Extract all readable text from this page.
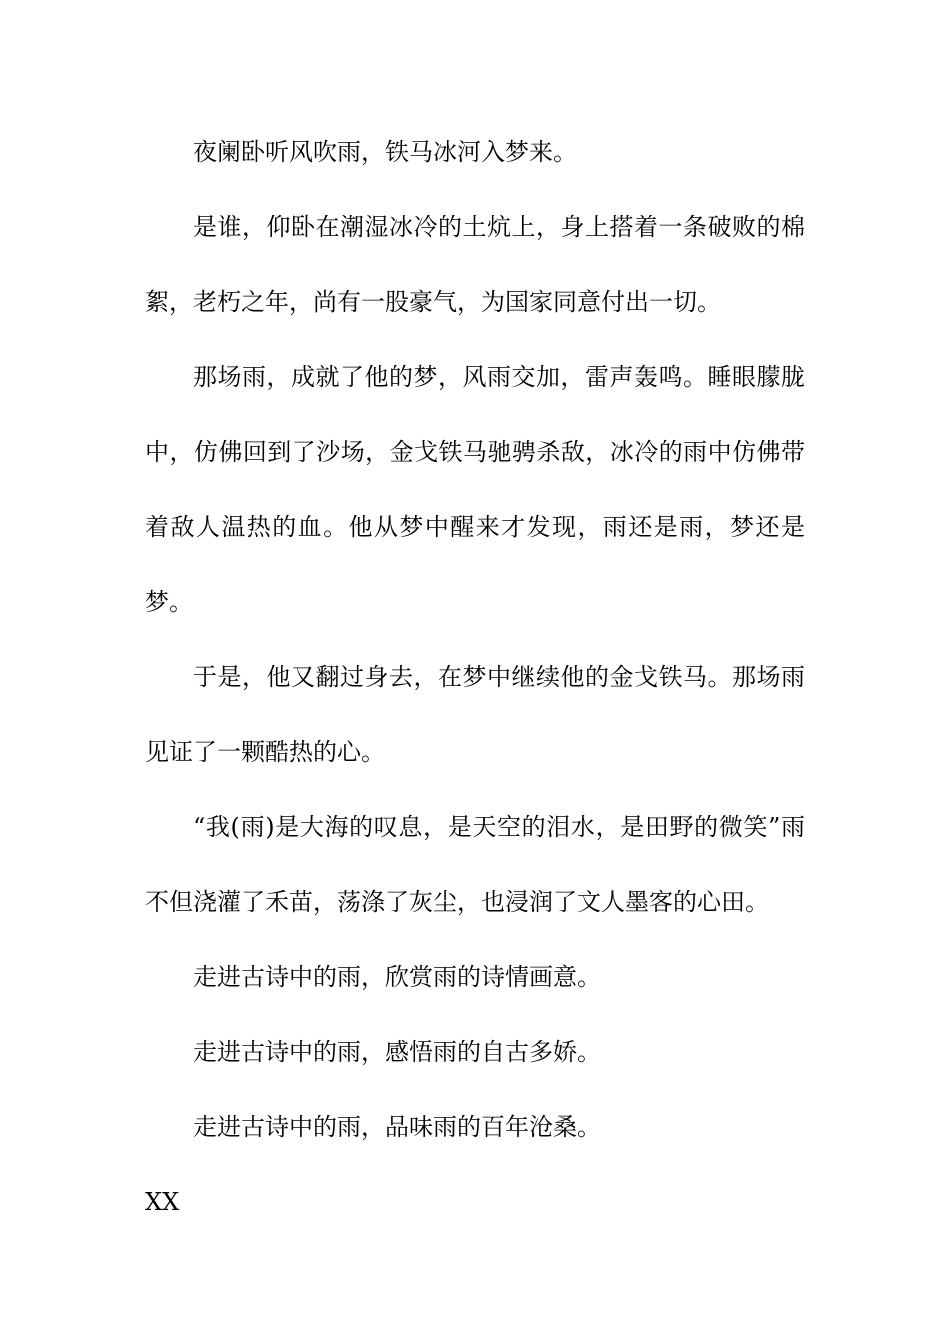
夜阑卧听风吹雨，铁马冰河入梦来。

是谁，仰卧在潮湿冰冷的土炕上，身上搭着一条破败的棉絮，老朽之年，尚有一股豪气，为国家同意付出一切。

那场雨，成就了他的梦，风雨交加，雷声轰鸣。睡眼朦胧中，仿佛回到了沙场，金戈铁马驰骋杀敌，冰冷的雨中仿佛带着敌人温热的血。他从梦中醒来才发现，雨还是雨，梦还是梦。

于是，他又翻过身去，在梦中继续他的金戈铁马。那场雨见证了一颗酷热的心。

“我(雨)是大海的叹息，是天空的泪水，是田野的微笑”雨不但浇灌了禾苗，荡涤了灰尘，也浸润了文人墨客的心田。

走进古诗中的雨，欣赏雨的诗情画意。

走进古诗中的雨，感悟雨的自古多娇。

走进古诗中的雨，品味雨的百年沧桑。

XX
